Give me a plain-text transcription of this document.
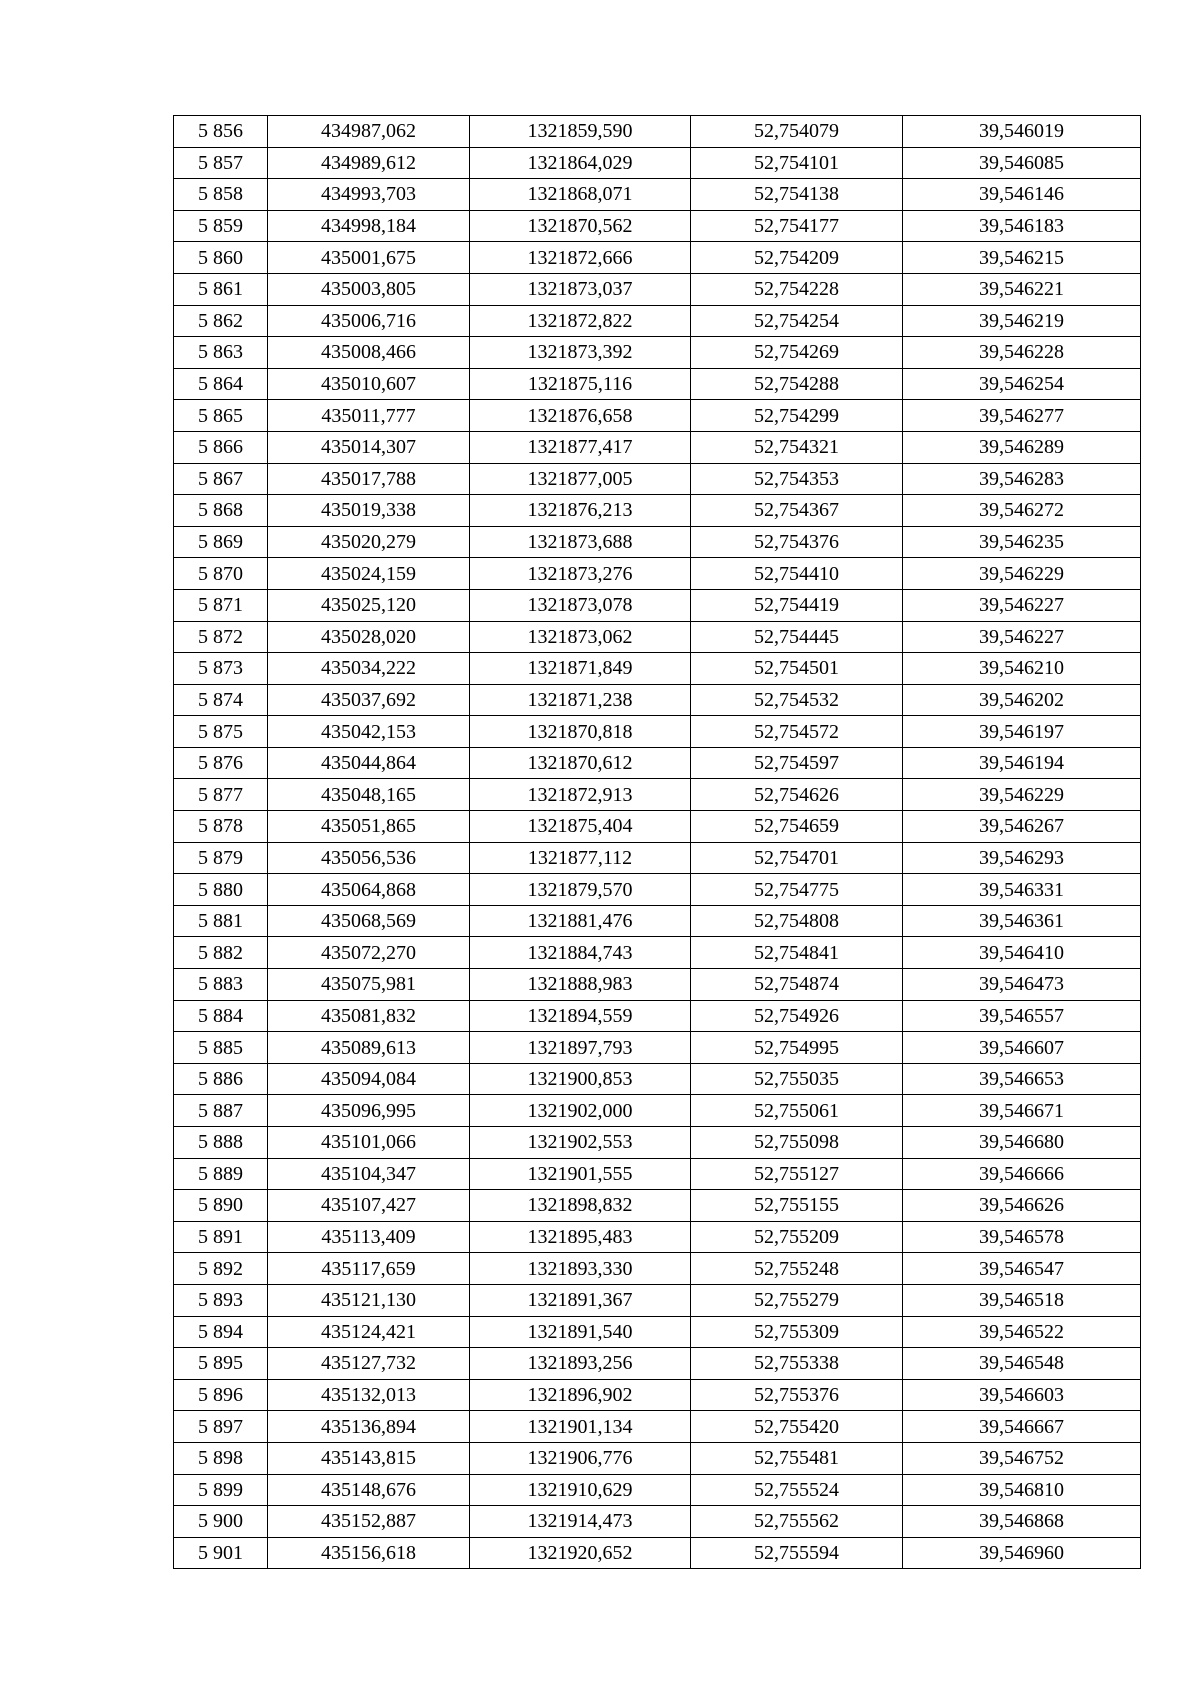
5 856	434987,062	1321859,590	52,754079	39,546019
5 857	434989,612	1321864,029	52,754101	39,546085
5 858	434993,703	1321868,071	52,754138	39,546146
5 859	434998,184	1321870,562	52,754177	39,546183
5 860	435001,675	1321872,666	52,754209	39,546215
5 861	435003,805	1321873,037	52,754228	39,546221
5 862	435006,716	1321872,822	52,754254	39,546219
5 863	435008,466	1321873,392	52,754269	39,546228
5 864	435010,607	1321875,116	52,754288	39,546254
5 865	435011,777	1321876,658	52,754299	39,546277
5 866	435014,307	1321877,417	52,754321	39,546289
5 867	435017,788	1321877,005	52,754353	39,546283
5 868	435019,338	1321876,213	52,754367	39,546272
5 869	435020,279	1321873,688	52,754376	39,546235
5 870	435024,159	1321873,276	52,754410	39,546229
5 871	435025,120	1321873,078	52,754419	39,546227
5 872	435028,020	1321873,062	52,754445	39,546227
5 873	435034,222	1321871,849	52,754501	39,546210
5 874	435037,692	1321871,238	52,754532	39,546202
5 875	435042,153	1321870,818	52,754572	39,546197
5 876	435044,864	1321870,612	52,754597	39,546194
5 877	435048,165	1321872,913	52,754626	39,546229
5 878	435051,865	1321875,404	52,754659	39,546267
5 879	435056,536	1321877,112	52,754701	39,546293
5 880	435064,868	1321879,570	52,754775	39,546331
5 881	435068,569	1321881,476	52,754808	39,546361
5 882	435072,270	1321884,743	52,754841	39,546410
5 883	435075,981	1321888,983	52,754874	39,546473
5 884	435081,832	1321894,559	52,754926	39,546557
5 885	435089,613	1321897,793	52,754995	39,546607
5 886	435094,084	1321900,853	52,755035	39,546653
5 887	435096,995	1321902,000	52,755061	39,546671
5 888	435101,066	1321902,553	52,755098	39,546680
5 889	435104,347	1321901,555	52,755127	39,546666
5 890	435107,427	1321898,832	52,755155	39,546626
5 891	435113,409	1321895,483	52,755209	39,546578
5 892	435117,659	1321893,330	52,755248	39,546547
5 893	435121,130	1321891,367	52,755279	39,546518
5 894	435124,421	1321891,540	52,755309	39,546522
5 895	435127,732	1321893,256	52,755338	39,546548
5 896	435132,013	1321896,902	52,755376	39,546603
5 897	435136,894	1321901,134	52,755420	39,546667
5 898	435143,815	1321906,776	52,755481	39,546752
5 899	435148,676	1321910,629	52,755524	39,546810
5 900	435152,887	1321914,473	52,755562	39,546868
5 901	435156,618	1321920,652	52,755594	39,546960
